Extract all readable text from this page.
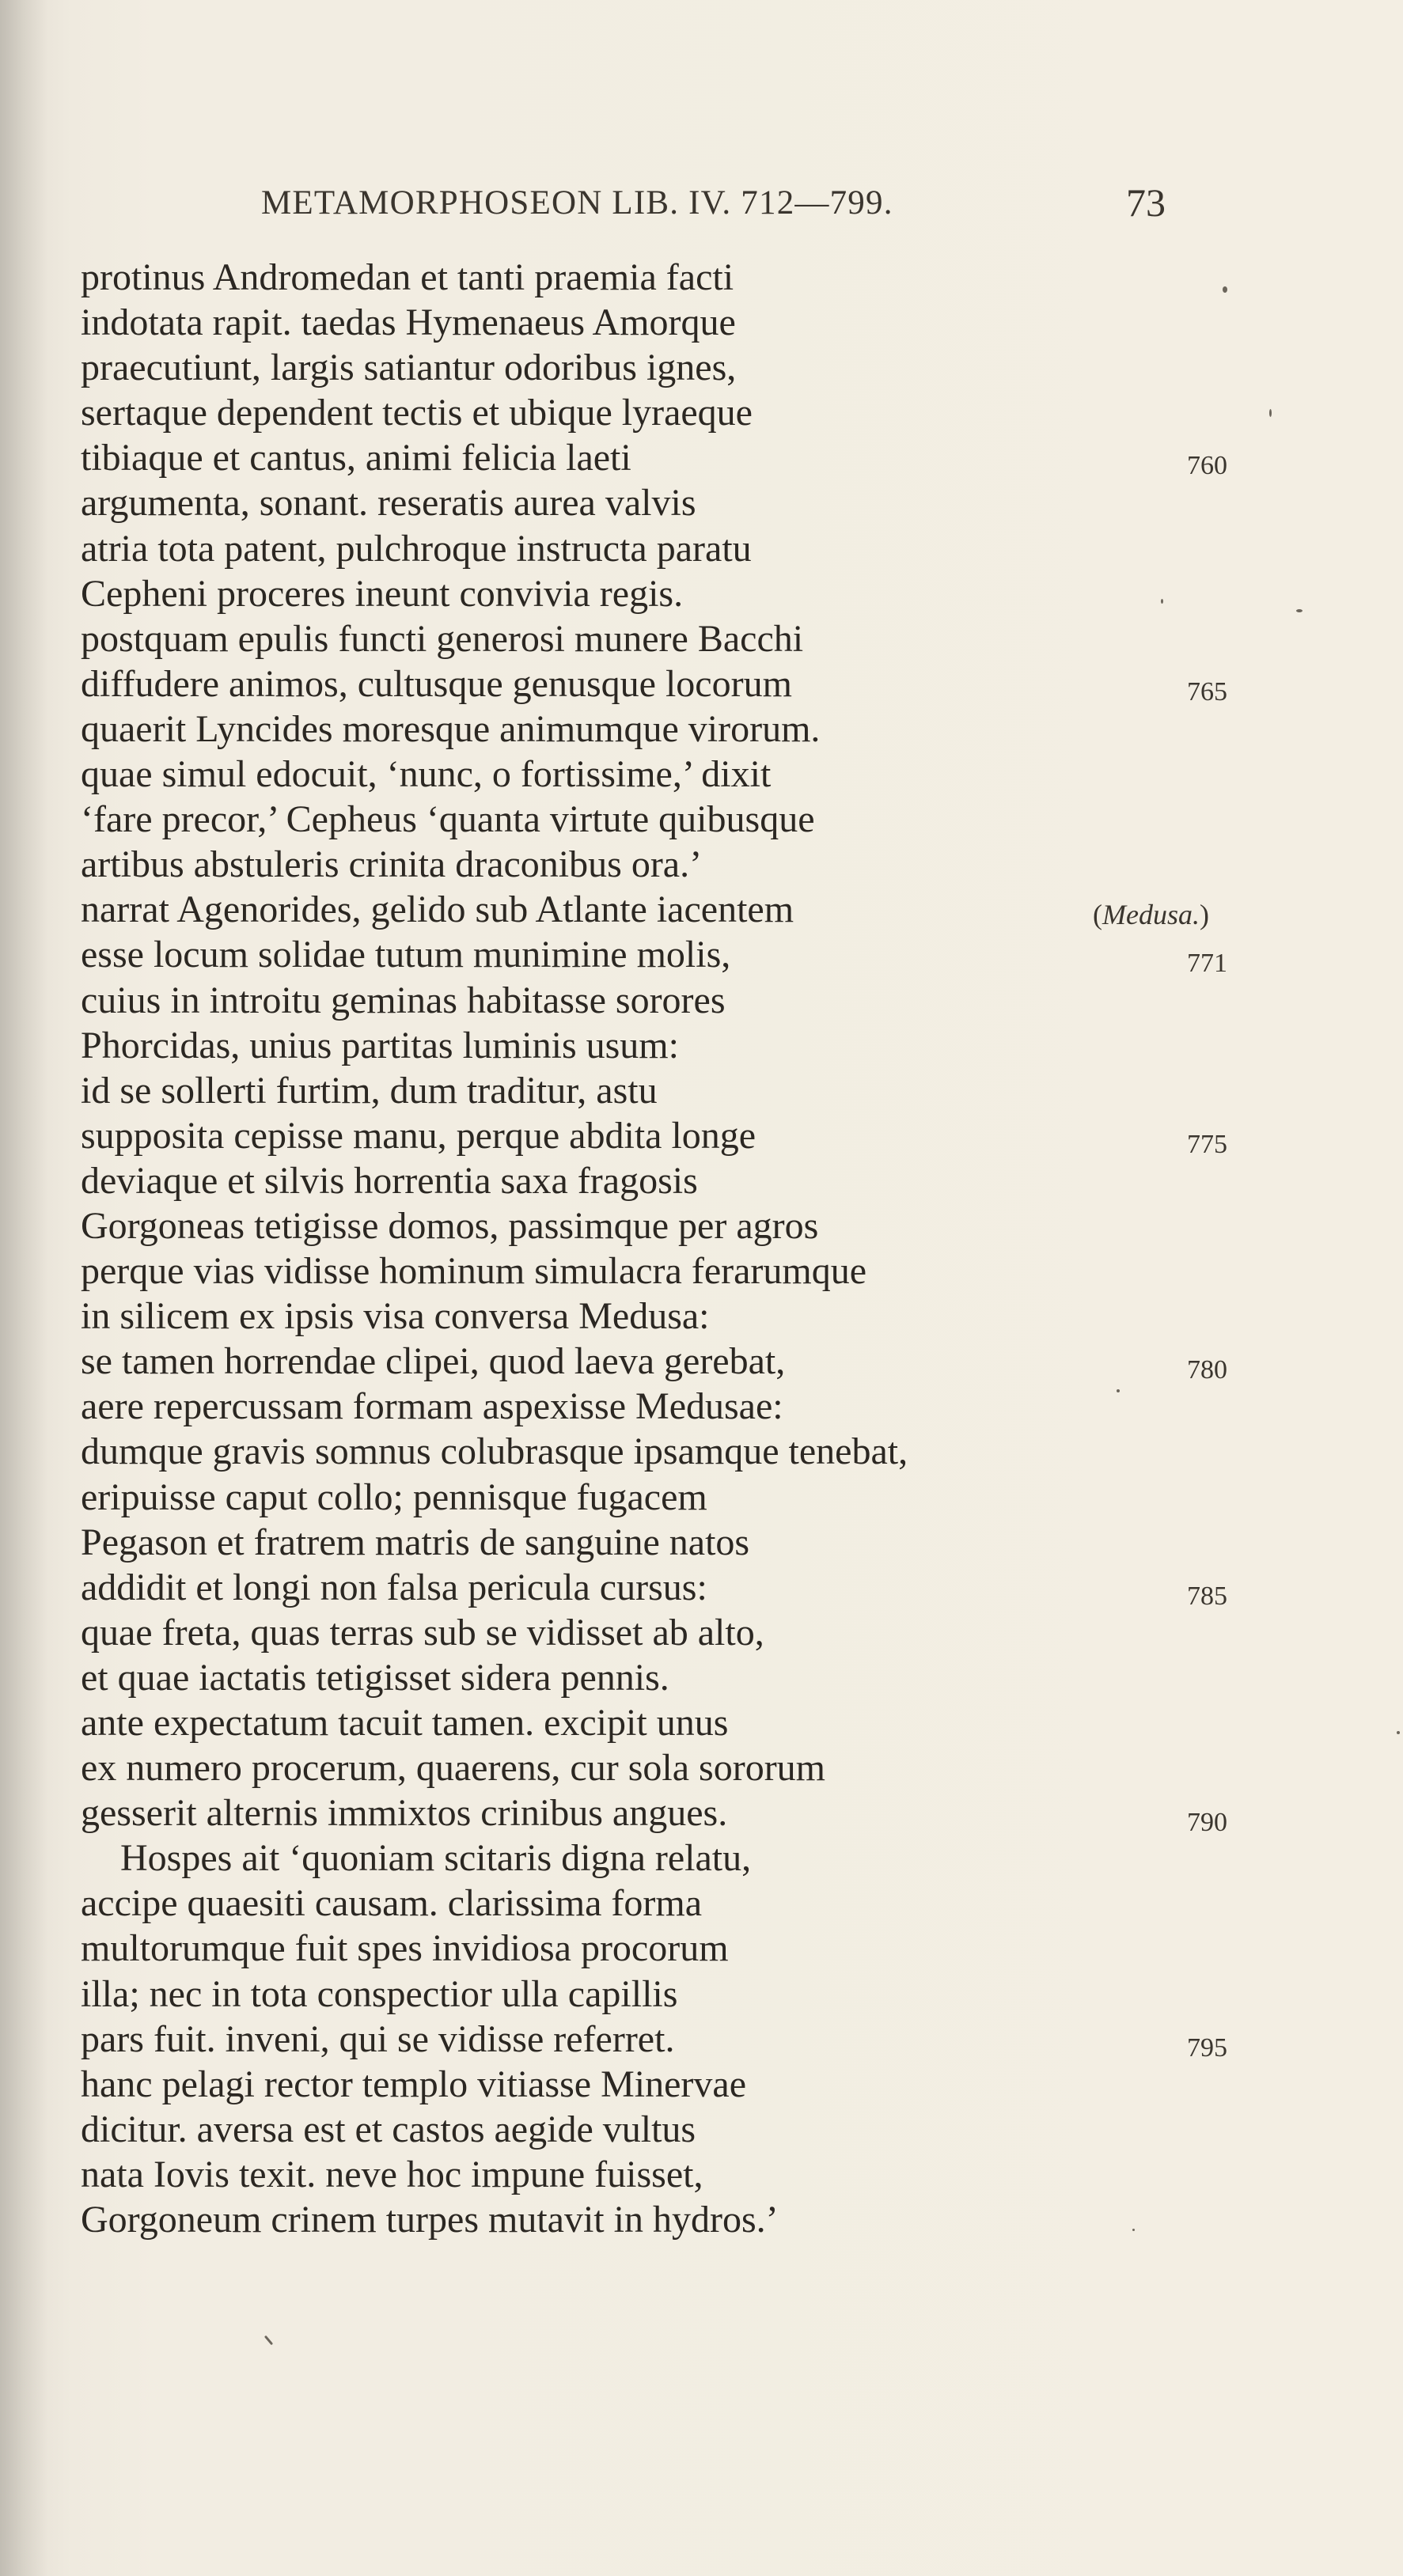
METAMORPHOSEON LIB. IV. 712—799.	73
protinus Andromedan et tanti praemia facti
indotata rapit. taedas Hymenaeus Amorque
praecutiunt, largis satiantur odoribus ignes,
sertaque dependent tectis et ubique lyraeque
tibiaque et cantus, animi felicia laeti
argumenta, sonant. reseratis aurea valvis
atria tota patent, pulchroque instructa paratu
Cepheni proceres ineunt convivia regis.
postquam epulis functi generosi munere Bacchi
diffudere animos, cultusque genusque locorum
quaerit Lyncides moresque animumque virorum.
quae simul edocuit, ‘nunc, o fortissime,’ dixit
‘fare precor,’ Cepheus ‘quanta virtute quibusque
artibus abstuleris crinita draconibus ora.’
narrat Agenorides, gelido sub Atlante iacentem
esse locum solidae tutum munimine molis,
cuius in introitu geminas habitasse sorores
Phorcidas, unius partitas luminis usum:
id se sollerti furtim, dum traditur, astu
supposita cepisse manu, perque abdita longe
deviaque et silvis horrentia saxa fragosis
Gorgoneas tetigisse domos, passimque per agros
perque vias vidisse hominum simulacra ferarumque
in silicem ex ipsis visa conversa Medusa:
se tamen horrendae clipei, quod laeva gerebat,
aere repercussam formam aspexisse Medusae:
dumque gravis somnus colubrasque ipsamque tenebat,
eripuisse caput collo; pennisque fugacem
Pegason et fratrem matris de sanguine natos
addidit et longi non falsa pericula cursus:
quae freta, quas terras sub se vidisset ab alto,
et quae iactatis tetigisset sidera pennis.
ante expectatum tacuit tamen. excipit unus
ex numero procerum, quaerens, cur sola sororum
gesserit alternis immixtos crinibus angues.
Hospes ait ‘quoniam scitaris digna relatu,
accipe quaesiti causam. clarissima forma
multorumque fuit spes invidiosa procorum
illa; nec in tota conspectior ulla capillis
pars fuit. inveni, qui se vidisse referret.
hanc pelagi rector templo vitiasse Minervae
dicitur. aversa est et castos aegide vultus
nata Iovis texit. neve hoc impune fuisset,
Gorgoneum crinem turpes mutavit in hydros.’
760
765
771
775
780
785
790
795
(Medusa.)
